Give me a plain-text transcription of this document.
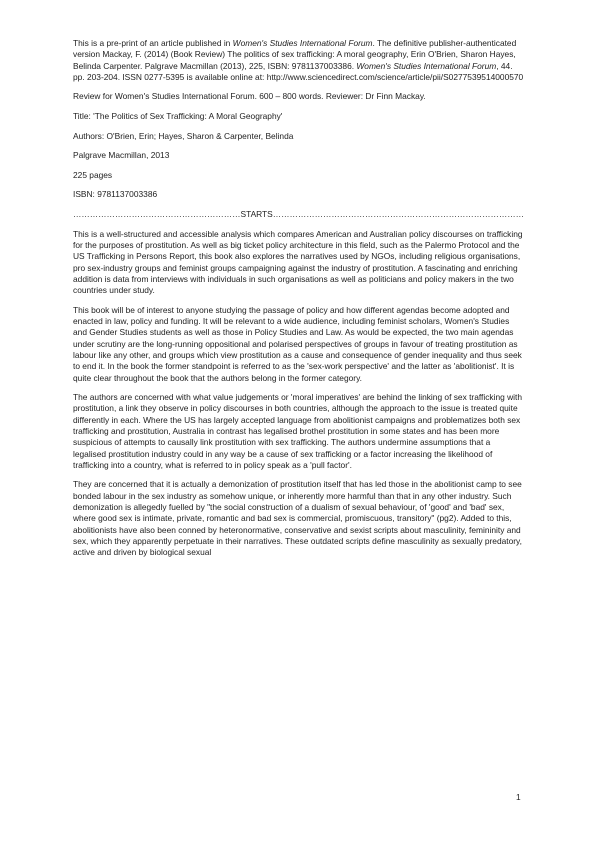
This is a pre-print of an article published in Women's Studies International Forum. The definitive publisher-authenticated version Mackay, F. (2014) (Book Review) The politics of sex trafficking: A moral geography, Erin O'Brien, Sharon Hayes, Belinda Carpenter. Palgrave Macmillan (2013), 225, ISBN: 9781137003386. Women's Studies International Forum, 44. pp. 203-204. ISSN 0277-5395 is available online at: http://www.sciencedirect.com/science/article/pii/S0277539514000570

Review for Women's Studies International Forum. 600 – 800 words. Reviewer: Dr Finn Mackay.

Title: 'The Politics of Sex Trafficking: A Moral Geography'

Authors: O'Brien, Erin; Hayes, Sharon & Carpenter, Belinda

Palgrave Macmillan, 2013

225 pages

ISBN: 9781137003386

……………………………………………………STARTS………………………………………………………………………………

This is a well-structured and accessible analysis which compares American and Australian policy discourses on trafficking for the purposes of prostitution. As well as big ticket policy architecture in this field, such as the Palermo Protocol and the US Trafficking in Persons Report, this book also explores the narratives used by NGOs, including religious organisations, pro sex-industry groups and feminist groups campaigning against the industry of prostitution. A fascinating and enriching addition is data from interviews with individuals in such organisations as well as politicians and policy makers in the two countries under study.

This book will be of interest to anyone studying the passage of policy and how different agendas become adopted and enacted in law, policy and funding. It will be relevant to a wide audience, including feminist scholars, Women's Studies and Gender Studies students as well as those in Policy Studies and Law. As would be expected, the two main agendas under scrutiny are the long-running oppositional and polarised perspectives of groups in favour of treating prostitution as labour like any other, and groups which view prostitution as a cause and consequence of gender inequality and thus seek to end it. In the book the former standpoint is referred to as the 'sex-work perspective' and the latter as 'abolitionist'. It is quite clear throughout the book that the authors belong in the former category.

The authors are concerned with what value judgements or 'moral imperatives' are behind the linking of sex trafficking with prostitution, a link they observe in policy discourses in both countries, although the approach to the issue is treated quite differently in each. Where the US has largely accepted language from abolitionist campaigns and problematizes both sex trafficking and prostitution, Australia in contrast has legalised brothel prostitution in some states and has been more suspicious of attempts to causally link prostitution with sex trafficking. The authors undermine assumptions that a legalised prostitution industry could in any way be a cause of sex trafficking or a factor increasing the likelihood of trafficking into a country, what is referred to in policy speak as a 'pull factor'.

They are concerned that it is actually a demonization of prostitution itself that has led those in the abolitionist camp to see bonded labour in the sex industry as somehow unique, or inherently more harmful than that in any other industry. Such demonization is allegedly fuelled by "the social construction of a dualism of sexual behaviour, of 'good' and 'bad' sex, where good sex is intimate, private, romantic and bad sex is commercial, promiscuous, transitory" (pg2). Added to this, abolitionists have also been conned by heteronormative, conservative and sexist scripts about masculinity, femininity and sex, which they apparently perpetuate in their narratives. These outdated scripts define masculinity as sexually predatory, active and driven by biological sexual

1
